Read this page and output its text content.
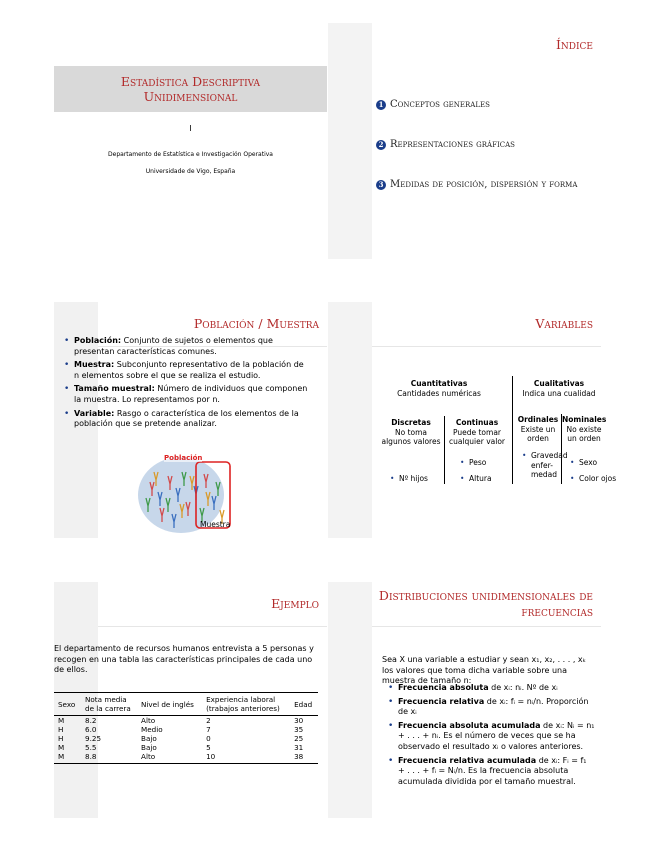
Estadística Descriptiva
Unidimensional
I
Departamento de Estatística e Investigación Operativa
Universidade de Vigo, España
Índice
1 Conceptos generales
2 Representaciones gráficas
3 Medidas de posición, dispersión y forma
Población / Muestra
• Población: Conjunto de sujetos o elementos que presentan características comunes.
• Muestra: Subconjunto representativo de la población de n elementos sobre el que se realiza el estudio.
• Tamaño muestral: Número de individuos que componen la muestra. Lo representamos por n.
• Variable: Rasgo o característica de los elementos de la población que se pretende analizar.
Población
Muestra
Variables
Cuantitativas
Cantidades numéricas
Cualitativas
Indica una cualidad
Discretas
No toma algunos valores
Continuas
Puede tomar cualquier valor
Ordinales
Existe un orden
Nominales
No existe un orden
• Nº hijos
• Peso
• Altura
• Gravedad enfer-medad
• Sexo
• Color ojos
Ejemplo
El departamento de recursos humanos entrevista a 5 personas y recogen en una tabla las características principales de cada uno de ellos.
Sexo	Nota media de la carrera	Nivel de inglés	Experiencia laboral (trabajos anteriores)	Edad
M	8.2	Alto	2	30
H	6.0	Medio	7	35
H	9.25	Bajo	0	25
M	5.5	Bajo	5	31
M	8.8	Alto	10	38
Distribuciones unidimensionales de frecuencias
Sea X una variable a estudiar y sean x₁, x₂, . . . , xₖ los valores que toma dicha variable sobre una muestra de tamaño n:
• Frecuencia absoluta de xᵢ: nᵢ. Nº de xᵢ
• Frecuencia relativa de xᵢ: fᵢ = nᵢ/n. Proporción de xᵢ
• Frecuencia absoluta acumulada de xᵢ: Nᵢ = n₁ + . . . + nᵢ. Es el número de veces que se ha observado el resultado xᵢ o valores anteriores.
• Frecuencia relativa acumulada de xᵢ: Fᵢ = f₁ + . . . + fᵢ = Nᵢ/n. Es la frecuencia absoluta acumulada dividida por el tamaño muestral.
